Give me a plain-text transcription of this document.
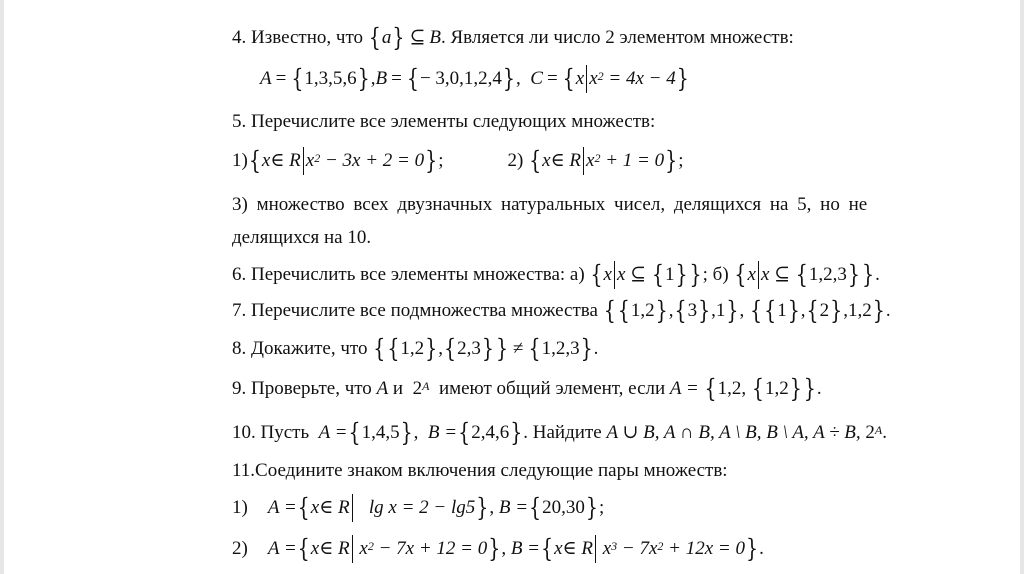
4. Известно, что
{ a } ⊆ B . Является ли число 2 элементом множеств:
A = { 1,3,5,6 } , B = { − 3,0,1,2,4 } , C = { x $x^2$
= 4x − 4 }
5. Перечислите все элементы следующих множеств:
1) { x∈ R $x^2$
− 3x + 2 = 0 } ;	2)
{ x∈ R $x^2$
+ 1 = 0 } ;
3) множество всех двузначных натуральных чисел, делящихся на 5, но не
делящихся на 10.
6. Перечислить все элементы множества: а)
{ x x ⊆
{ 1 } } ; б)
{ x x ⊆
{ 1,2,3 } } .
7. Перечислите все подмножества множества
{ { 1,2 } , { 3 } ,1 } , { { 1 } , { 2 } ,1,2 } .
8. Докажите, что
{ { 1,2 } , { 2,3 } } ≠ { 1,2,3 } .
9. Проверьте, что
A
и
$2^A$
имеют общий элемент, если
A =
{ 1,2,
{ 1,2 } } .
10. Пусть
A = { 1,4,5 } , B = { 2,4,6 } . Найдите
A ∪ B, A ∩ B, A \ B, B \ A, A ÷ B,
$2^A$ .
11.Соедините знаком включения следующие пары множеств:
1) A = { x∈ R
lg x = 2 − lg5 } , B = { 20,30 } ;
2) A = { x∈ R
$x^2$
− 7x + 12 = 0 } , B = { x∈ R
$x^3$
− $7x^2$
+ 12x = 0 } .
